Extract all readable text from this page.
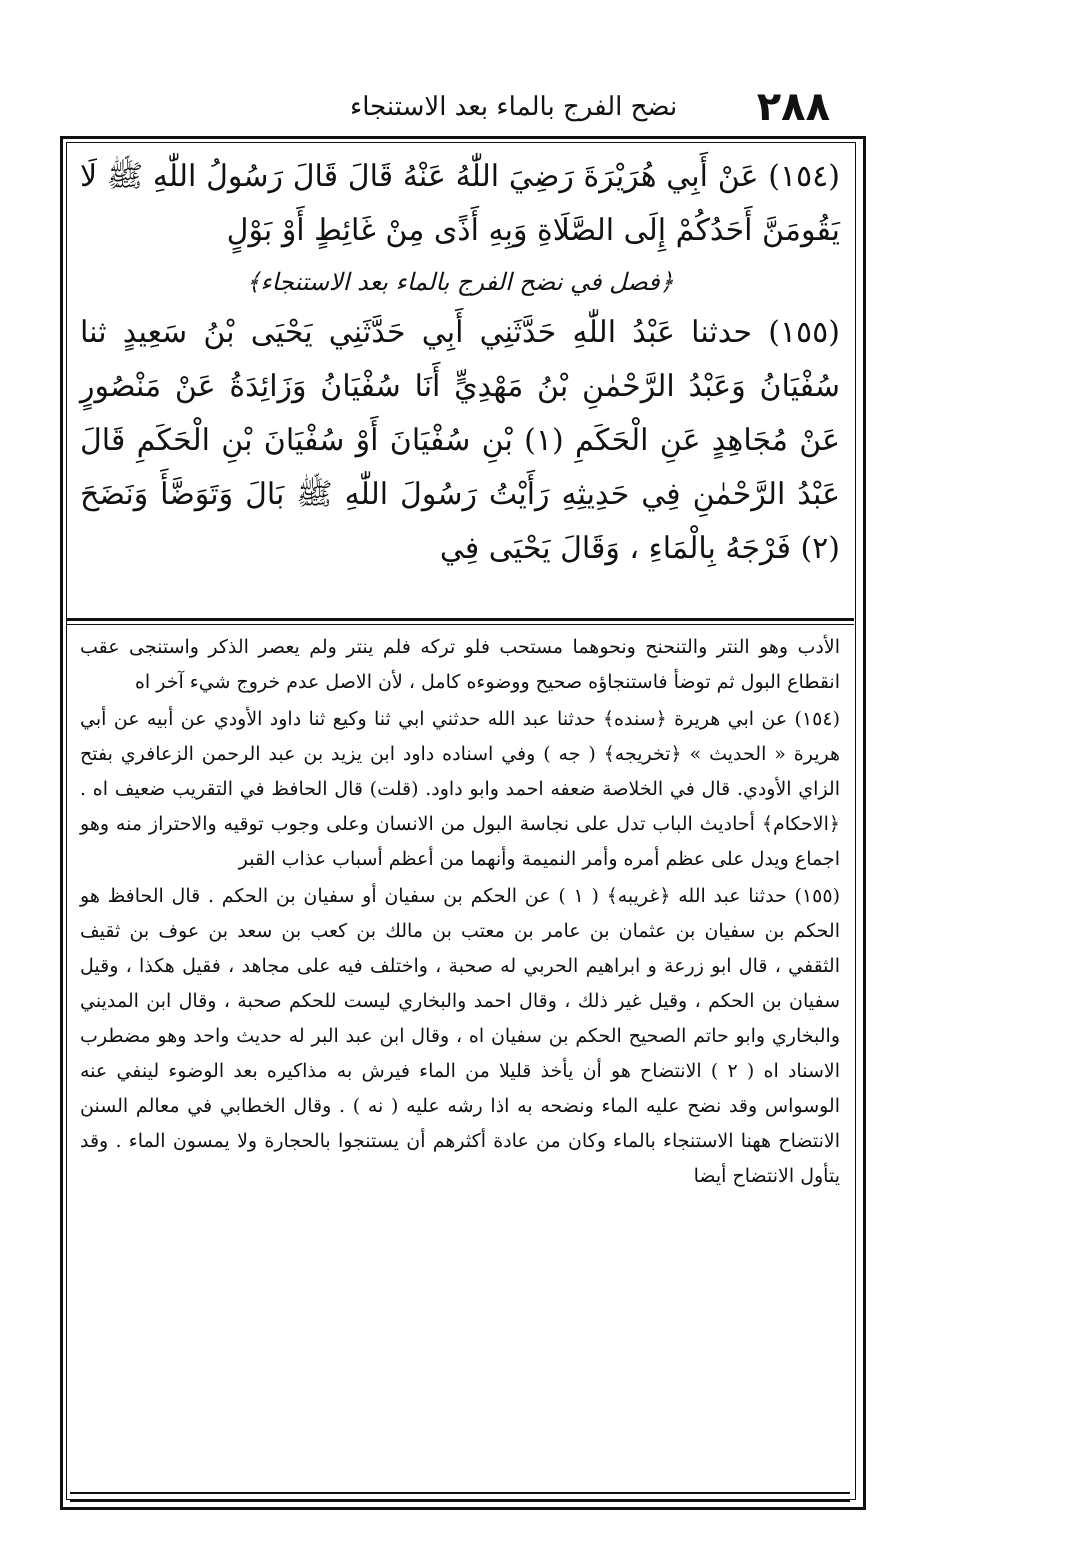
٢٨٨
نضح الفرج بالماء بعد الاستنجاء

(١٥٤) عَنْ أَبِي هُرَيْرَةَ رَضِيَ اللّٰهُ عَنْهُ قَالَ قَالَ رَسُولُ اللّٰهِ ﷺ لَا يَقُومَنَّ أَحَدُكُمْ إِلَى الصَّلَاةِ وَبِهِ أَذًى مِنْ غَائِطٍ أَوْ بَوْلٍ

﴿فصل في نضح الفرج بالماء بعد الاستنجاء﴾

(١٥٥) حدثنا عَبْدُ اللّٰهِ حَدَّثَنِي أَبِي حَدَّثَنِي يَحْيَى بْنُ سَعِيدٍ ثنا سُفْيَانُ وَعَبْدُ الرَّحْمٰنِ بْنُ مَهْدِيٍّ أَنَا سُفْيَانُ وَزَائِدَةُ عَنْ مَنْصُورٍ عَنْ مُجَاهِدٍ عَنِ الْحَكَمِ (١) بْنِ سُفْيَانَ أَوْ سُفْيَانَ بْنِ الْحَكَمِ قَالَ عَبْدُ الرَّحْمٰنِ فِي حَدِيثِهِ رَأَيْتُ رَسُولَ اللّٰهِ ﷺ بَالَ وَتَوَضَّأَ وَنَضَحَ (٢) فَرْجَهُ بِالْمَاءِ ، وَقَالَ يَحْيَى فِي

الأدب وهو النتر والتنحنح ونحوهما مستحب فلو تركه فلم ينتر ولم يعصر الذكر واستنجى عقب انقطاع البول ثم توضأ فاستنجاؤه صحيح ووضوءه كامل ، لأن الاصل عدم خروج شيء آخر اه

(١٥٤) عن ابي هريرة ﴿سنده﴾ حدثنا عبد الله حدثني ابي ثنا وكيع ثنا داود الأودي عن أبيه عن أبي هريرة « الحديث » ﴿تخريجه﴾ ( جه ) وفي اسناده داود ابن يزيد بن عبد الرحمن الزعافري بفتح الزاي الأودي. قال في الخلاصة ضعفه احمد وابو داود. (قلت) قال الحافظ في التقريب ضعيف اه . ﴿الاحكام﴾ أحاديث الباب تدل على نجاسة البول من الانسان وعلى وجوب توقيه والاحتراز منه وهو اجماع ويدل على عظم أمره وأمر النميمة وأنهما من أعظم أسباب عذاب القبر

(١٥٥) حدثنا عبد الله ﴿غريبه﴾ ( ١ ) عن الحكم بن سفيان أو سفيان بن الحكم . قال الحافظ هو الحكم بن سفيان بن عثمان بن عامر بن معتب بن مالك بن كعب بن سعد بن عوف بن ثقيف الثقفي ، قال ابو زرعة و ابراهيم الحربي له صحبة ، واختلف فيه على مجاهد ، فقيل هكذا ، وقيل سفيان بن الحكم ، وقيل غير ذلك ، وقال احمد والبخاري ليست للحكم صحبة ، وقال ابن المديني والبخاري وابو حاتم الصحيح الحكم بن سفيان اه ، وقال ابن عبد البر له حديث واحد وهو مضطرب الاسناد اه ( ٢ ) الانتضاح هو أن يأخذ قليلا من الماء فيرش به مذاكيره بعد الوضوء لينفي عنه الوسواس وقد نضح عليه الماء ونضحه به اذا رشه عليه ( نه ) . وقال الخطابي في معالم السنن الانتضاح ههنا الاستنجاء بالماء وكان من عادة أكثرهم أن يستنجوا بالحجارة ولا يمسون الماء . وقد يتأول الانتضاح أيضا
